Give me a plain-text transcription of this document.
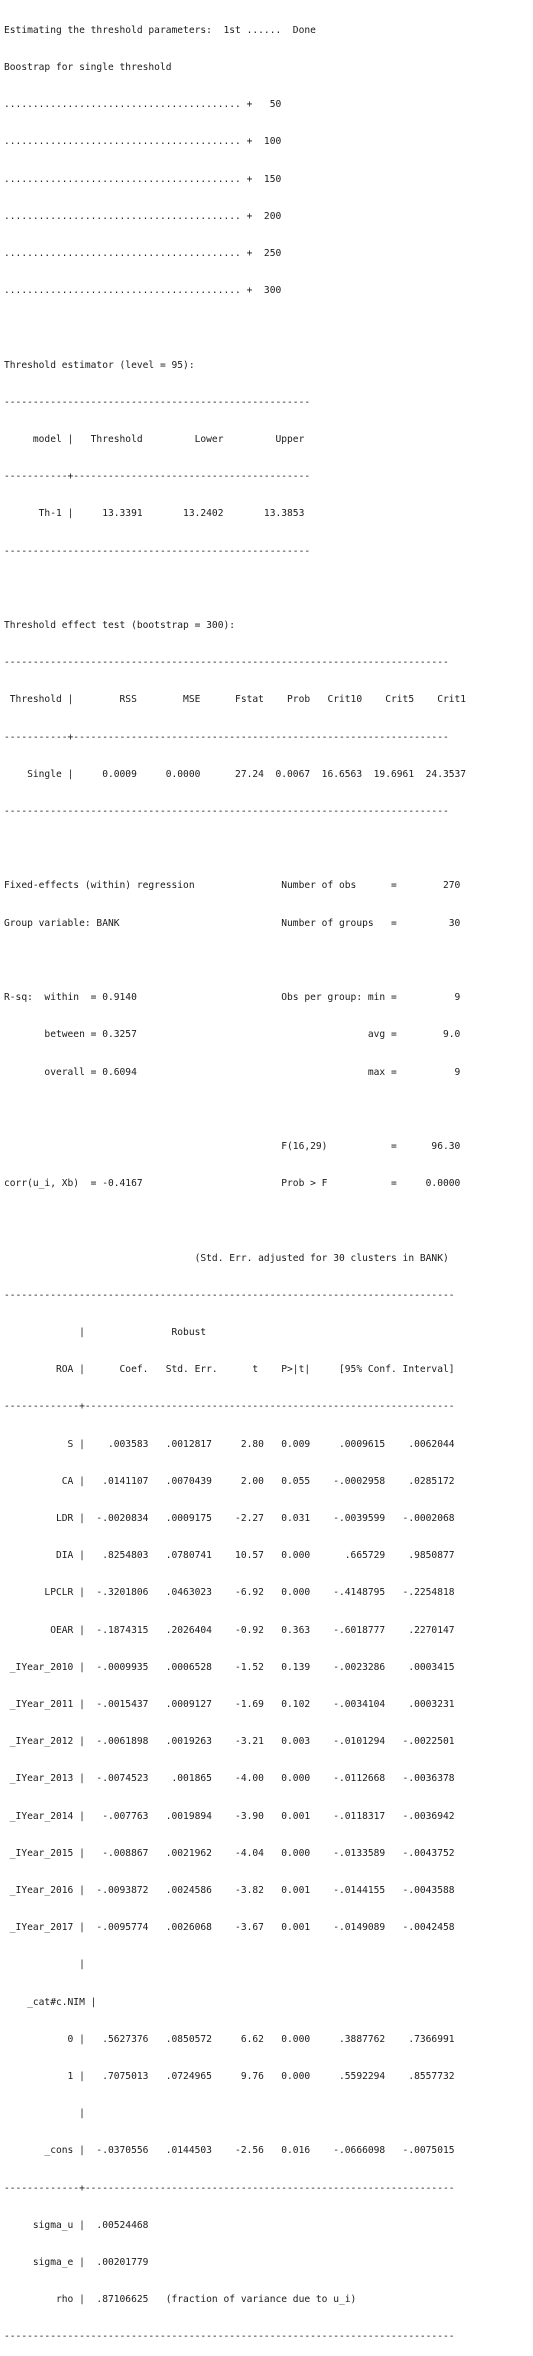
Estimating the threshold parameters:  1st ......  Done

Boostrap for single threshold

......................................... +   50

......................................... +  100

......................................... +  150

......................................... +  200

......................................... +  250

......................................... +  300

Threshold estimator (level = 95):

-----------------------------------------------------

model |   Threshold         Lower         Upper

-----------+-----------------------------------------

Th-1 |     13.3391       13.2402       13.3853

-----------------------------------------------------

Threshold effect test (bootstrap = 300):

-----------------------------------------------------------------------------

Threshold |        RSS        MSE      Fstat    Prob   Crit10    Crit5    Crit1

-----------+-----------------------------------------------------------------

Single |     0.0009     0.0000      27.24  0.0067  16.6563  19.6961  24.3537

-----------------------------------------------------------------------------

Fixed-effects (within) regression               Number of obs      =        270

Group variable: BANK                            Number of groups   =         30

R-sq:  within  = 0.9140                         Obs per group: min =          9

between = 0.3257                                        avg =        9.0

overall = 0.6094                                        max =          9

F(16,29)           =      96.30

corr(u_i, Xb)  = -0.4167                        Prob > F           =     0.0000

(Std. Err. adjusted for 30 clusters in BANK)

------------------------------------------------------------------------------

|               Robust

ROA |      Coef.   Std. Err.      t    P>|t|     [95% Conf. Interval]

-------------+----------------------------------------------------------------

S |    .003583   .0012817     2.80   0.009     .0009615    .0062044

CA |   .0141107   .0070439     2.00   0.055    -.0002958    .0285172

LDR |  -.0020834   .0009175    -2.27   0.031    -.0039599   -.0002068

DIA |   .8254803   .0780741    10.57   0.000      .665729    .9850877

LPCLR |  -.3201806   .0463023    -6.92   0.000    -.4148795   -.2254818

OEAR |  -.1874315   .2026404    -0.92   0.363    -.6018777    .2270147

_IYear_2010 |  -.0009935   .0006528    -1.52   0.139    -.0023286    .0003415

_IYear_2011 |  -.0015437   .0009127    -1.69   0.102    -.0034104    .0003231

_IYear_2012 |  -.0061898   .0019263    -3.21   0.003    -.0101294   -.0022501

_IYear_2013 |  -.0074523    .001865    -4.00   0.000    -.0112668   -.0036378

_IYear_2014 |   -.007763   .0019894    -3.90   0.001    -.0118317   -.0036942

_IYear_2015 |   -.008867   .0021962    -4.04   0.000    -.0133589   -.0043752

_IYear_2016 |  -.0093872   .0024586    -3.82   0.001    -.0144155   -.0043588

_IYear_2017 |  -.0095774   .0026068    -3.67   0.001    -.0149089   -.0042458

|

_cat#c.NIM |

0 |   .5627376   .0850572     6.62   0.000     .3887762    .7366991

1 |   .7075013   .0724965     9.76   0.000     .5592294    .8557732

|

_cons |  -.0370556   .0144503    -2.56   0.016    -.0666098   -.0075015

-------------+----------------------------------------------------------------

sigma_u |  .00524468

sigma_e |  .00201779

rho |  .87106625   (fraction of variance due to u_i)

------------------------------------------------------------------------------
